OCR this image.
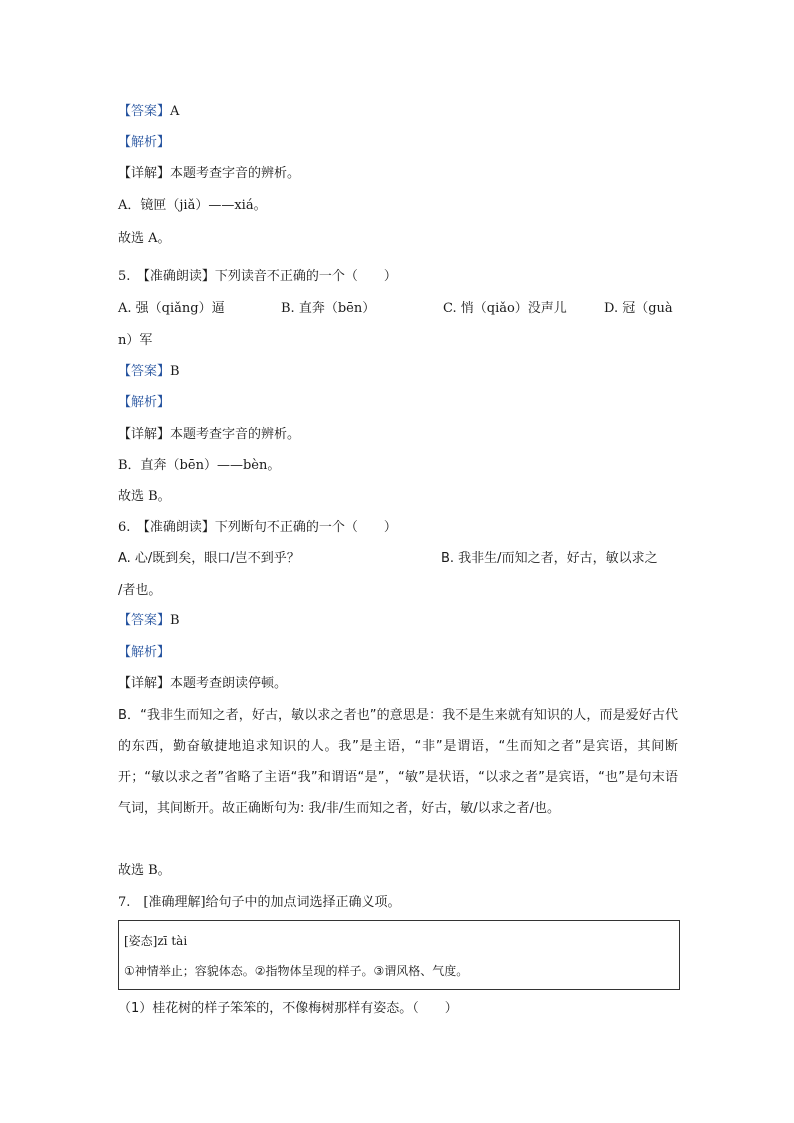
【答案】A
【解析】
【详解】本题考查字音的辨析。
A．镜匣（jiǎ）——xiá。
故选 A。
5.　【准确朗读】下列读音不正确的一个（　　）
A. 强（qiǎng）逼	B. 直奔（bēn）	C. 悄（qiǎo）没声儿	D. 冠（guà
n）军
【答案】B
【解析】
【详解】本题考查字音的辨析。
B．直奔（bēn）——bèn。
故选 B。
6.　【准确朗读】下列断句不正确的一个（　　）
A. 心/既到矣，眼口/岂不到乎？	B. 我非生/而知之者，好古，敏以求之
/者也。
【答案】B
【解析】
【详解】本题考查朗读停顿。
B．“我非生而知之者，好古，敏以求之者也”的意思是：我不是生来就有知识的人，而是爱好古代的东西，勤奋敏捷地追求知识的人。我”是主语，“非”是谓语，“生而知之者”是宾语，其间断开；“敏以求之者”省略了主语“我”和谓语“是”，“敏”是状语，“以求之者”是宾语，“也”是句末语气词，其间断开。故正确断句为: 我/非/生而知之者，好古，敏/以求之者/也。
故选 B。
7.　[准确理解]给句子中的加点词选择正确义项。
[姿态]zī tài
①神情举止；容貌体态。②指物体呈现的样子。③谓风格、气度。
（1）桂花树的样子笨笨的，不像梅树那样有姿态。（　　）
